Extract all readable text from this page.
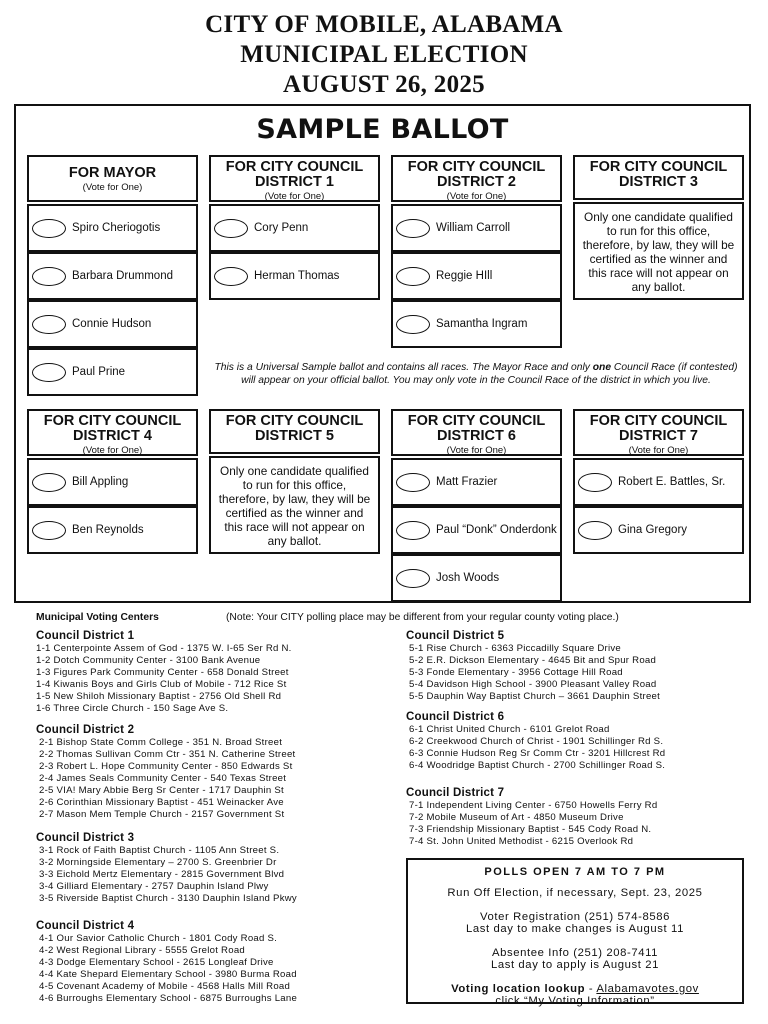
CITY OF MOBILE, ALABAMA
MUNICIPAL ELECTION
AUGUST 26, 2025
SAMPLE BALLOT
FOR MAYOR
(Vote for One)
Spiro Cheriogotis
Barbara Drummond
Connie Hudson
Paul Prine
FOR CITY COUNCIL
DISTRICT 1
(Vote for One)
Cory Penn
Herman Thomas
FOR CITY COUNCIL
DISTRICT 2
(Vote for One)
William Carroll
Reggie HIll
Samantha Ingram
FOR CITY COUNCIL
DISTRICT 3
Only one candidate qualified to run for this office, therefore, by law, they will be certified as the winner and this race will not appear on any ballot.
This is a Universal Sample ballot and contains all races. The Mayor Race and only one Council Race (if contested) will appear on your official ballot. You may only vote in the Council Race of the district in which you live.
FOR CITY COUNCIL
DISTRICT 4
(Vote for One)
Bill Appling
Ben Reynolds
FOR CITY COUNCIL
DISTRICT 5
Only one candidate qualified to run for this office, therefore, by law, they will be certified as the winner and this race will not appear on any ballot.
FOR CITY COUNCIL
DISTRICT 6
(Vote for One)
Matt Frazier
Paul “Donk” Onderdonk
Josh Woods
FOR CITY COUNCIL
DISTRICT 7
(Vote for One)
Robert E. Battles, Sr.
Gina Gregory
Municipal Voting Centers	(Note: Your CITY polling place may be different from your regular county voting place.)
Council District 1
1-1 Centerpointe Assem of God - 1375 W. I-65 Ser Rd N.
1-2 Dotch Community Center - 3100 Bank Avenue
1-3 Figures Park Community Center - 658 Donald Street
1-4 Kiwanis Boys and Girls Club of Mobile - 712 Rice St
1-5 New Shiloh Missionary Baptist - 2756 Old Shell Rd
1-6 Three Circle Church - 150 Sage Ave S.
Council District 2
2-1 Bishop State Comm College - 351 N. Broad Street
2-2 Thomas Sullivan Comm Ctr - 351 N. Catherine Street
2-3 Robert L. Hope Community Center - 850 Edwards St
2-4 James Seals Community Center - 540 Texas Street
2-5 VIA! Mary Abbie Berg Sr Center - 1717 Dauphin St
2-6 Corinthian Missionary Baptist - 451 Weinacker Ave
2-7 Mason Mem Temple Church - 2157 Government St
Council District 3
3-1 Rock of Faith Baptist Church - 1105 Ann Street S.
3-2 Morningside Elementary – 2700 S. Greenbrier Dr
3-3 Eichold Mertz Elementary - 2815 Government Blvd
3-4 Gilliard Elementary - 2757 Dauphin Island Plwy
3-5 Riverside Baptist Church - 3130 Dauphin Island Pkwy
Council District 4
4-1 Our Savior Catholic Church - 1801 Cody Road S.
4-2 West Regional Library - 5555 Grelot Road
4-3 Dodge Elementary School - 2615 Longleaf Drive
4-4 Kate Shepard Elementary School - 3980 Burma Road
4-5 Covenant Academy of Mobile - 4568 Halls Mill Road
4-6 Burroughs Elementary School - 6875 Burroughs Lane
Council District 5
5-1 Rise Church - 6363 Piccadilly Square Drive
5-2 E.R. Dickson Elementary - 4645 Bit and Spur Road
5-3 Fonde Elementary - 3956 Cottage Hill Road
5-4 Davidson High School - 3900 Pleasant Valley Road
5-5 Dauphin Way Baptist Church – 3661 Dauphin Street
Council District 6
6-1 Christ United Church - 6101 Grelot Road
6-2 Creekwood Church of Christ - 1901 Schillinger Rd S.
6-3 Connie Hudson Reg Sr Comm Ctr - 3201 Hillcrest Rd
6-4 Woodridge Baptist Church - 2700 Schillinger Road S.
Council District 7
7-1 Independent Living Center - 6750 Howells Ferry Rd
7-2 Mobile Museum of Art - 4850 Museum Drive
7-3 Friendship Missionary Baptist - 545 Cody Road N.
7-4 St. John United Methodist - 6215 Overlook Rd
POLLS OPEN 7 AM TO 7 PM
Run Off Election, if necessary, Sept. 23, 2025
Voter Registration (251) 574-8586
Last day to make changes is August 11
Absentee Info (251) 208-7411
Last day to apply is August 21
Voting location lookup - Alabamavotes.gov
click “My Voting Information”
